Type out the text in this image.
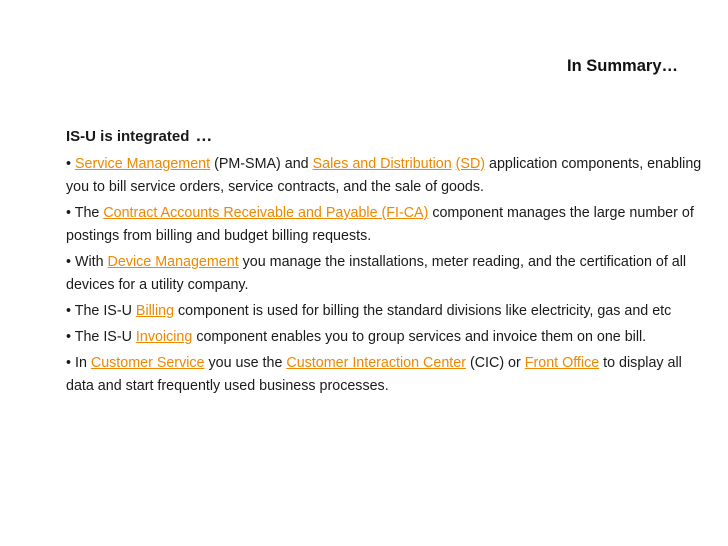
In Summary…
IS-U is integrated …
• Service Management (PM-SMA) and Sales and Distribution (SD) application components, enabling you to bill service orders, service contracts, and the sale of goods.
• The Contract Accounts Receivable and Payable (FI-CA) component manages the large number of postings from billing and budget billing requests.
• With Device Management you manage the installations, meter reading, and the certification of all devices for a utility company.
• The IS-U Billing component is used for billing the standard divisions like electricity, gas and etc
• The IS-U Invoicing component enables you to group services and invoice them on one bill.
• In Customer Service you use the Customer Interaction Center (CIC) or Front Office to display all data and start frequently used business processes.
